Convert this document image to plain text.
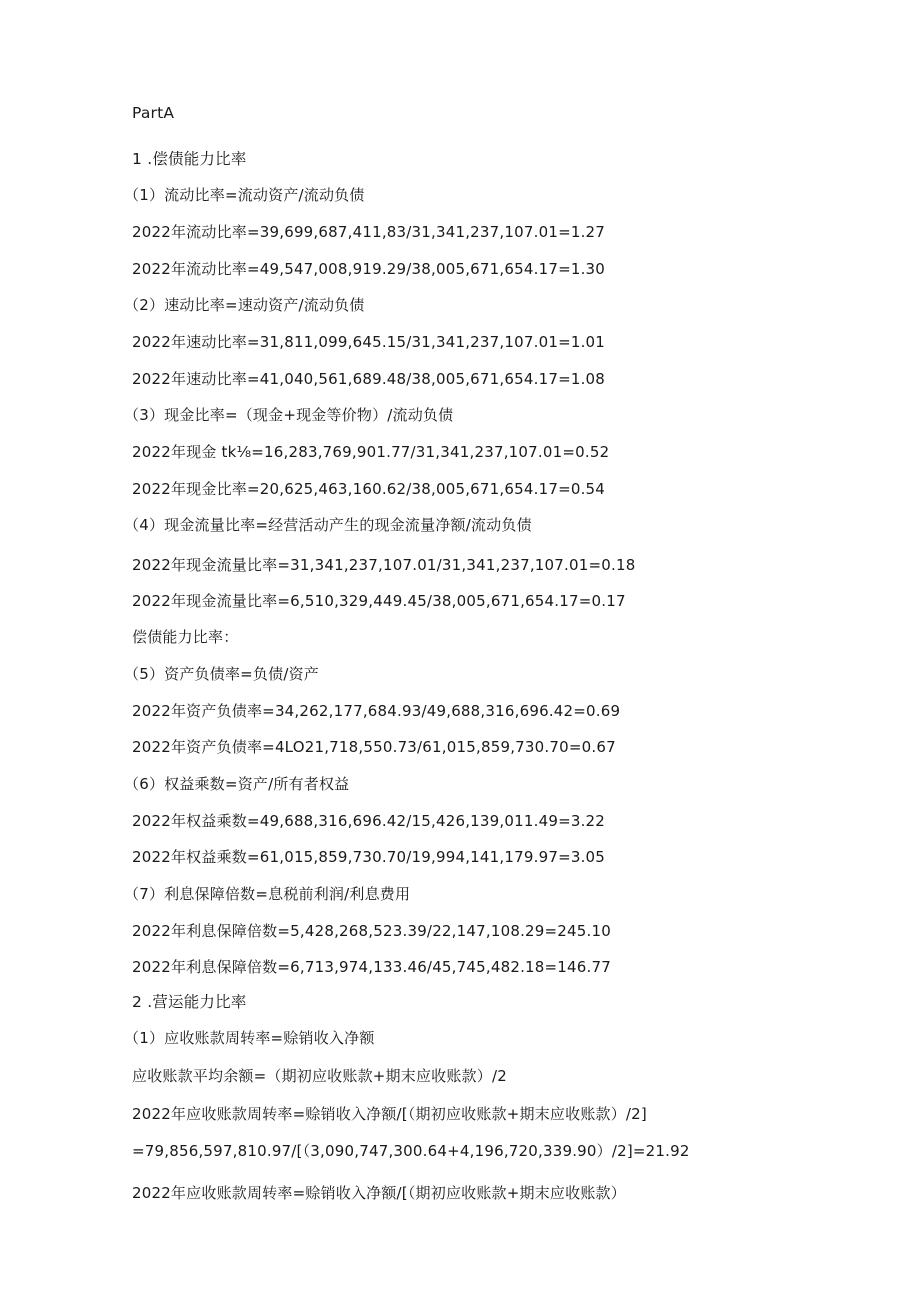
PartA
1 .偿债能力比率
（1）流动比率=流动资产/流动负债
2022年流动比率=39,699,687,411,83/31,341,237,107.01=1.27
2022年流动比率=49,547,008,919.29/38,005,671,654.17=1.30
（2）速动比率=速动资产/流动负债
2022年速动比率=31,811,099,645.15/31,341,237,107.01=1.01
2022年速动比率=41,040,561,689.48/38,005,671,654.17=1.08
（3）现金比率=（现金+现金等价物）/流动负债
2022年现金 tk⅛=16,283,769,901.77/31,341,237,107.01=0.52
2022年现金比率=20,625,463,160.62/38,005,671,654.17=0.54
（4）现金流量比率=经营活动产生的现金流量净额/流动负债
2022年现金流量比率=31,341,237,107.01/31,341,237,107.01=0.18
2022年现金流量比率=6,510,329,449.45/38,005,671,654.17=0.17
偿债能力比率：
（5）资产负债率=负债/资产
2022年资产负债率=34,262,177,684.93/49,688,316,696.42=0.69
2022年资产负债率=4LO21,718,550.73/61,015,859,730.70=0.67
（6）权益乘数=资产/所有者权益
2022年权益乘数=49,688,316,696.42/15,426,139,011.49=3.22
2022年权益乘数=61,015,859,730.70/19,994,141,179.97=3.05
（7）利息保障倍数=息税前利润/利息费用
2022年利息保障倍数=5,428,268,523.39/22,147,108.29=245.10
2022年利息保障倍数=6,713,974,133.46/45,745,482.18=146.77
2 .营运能力比率
（1）应收账款周转率=赊销收入净额
应收账款平均余额=（期初应收账款+期末应收账款）/2
2022年应收账款周转率=赊销收入净额/[（期初应收账款+期末应收账款）/2]
=79,856,597,810.97/[（3,090,747,300.64+4,196,720,339.90）/2]=21.92
2022年应收账款周转率=赊销收入净额/[（期初应收账款+期末应收账款）
